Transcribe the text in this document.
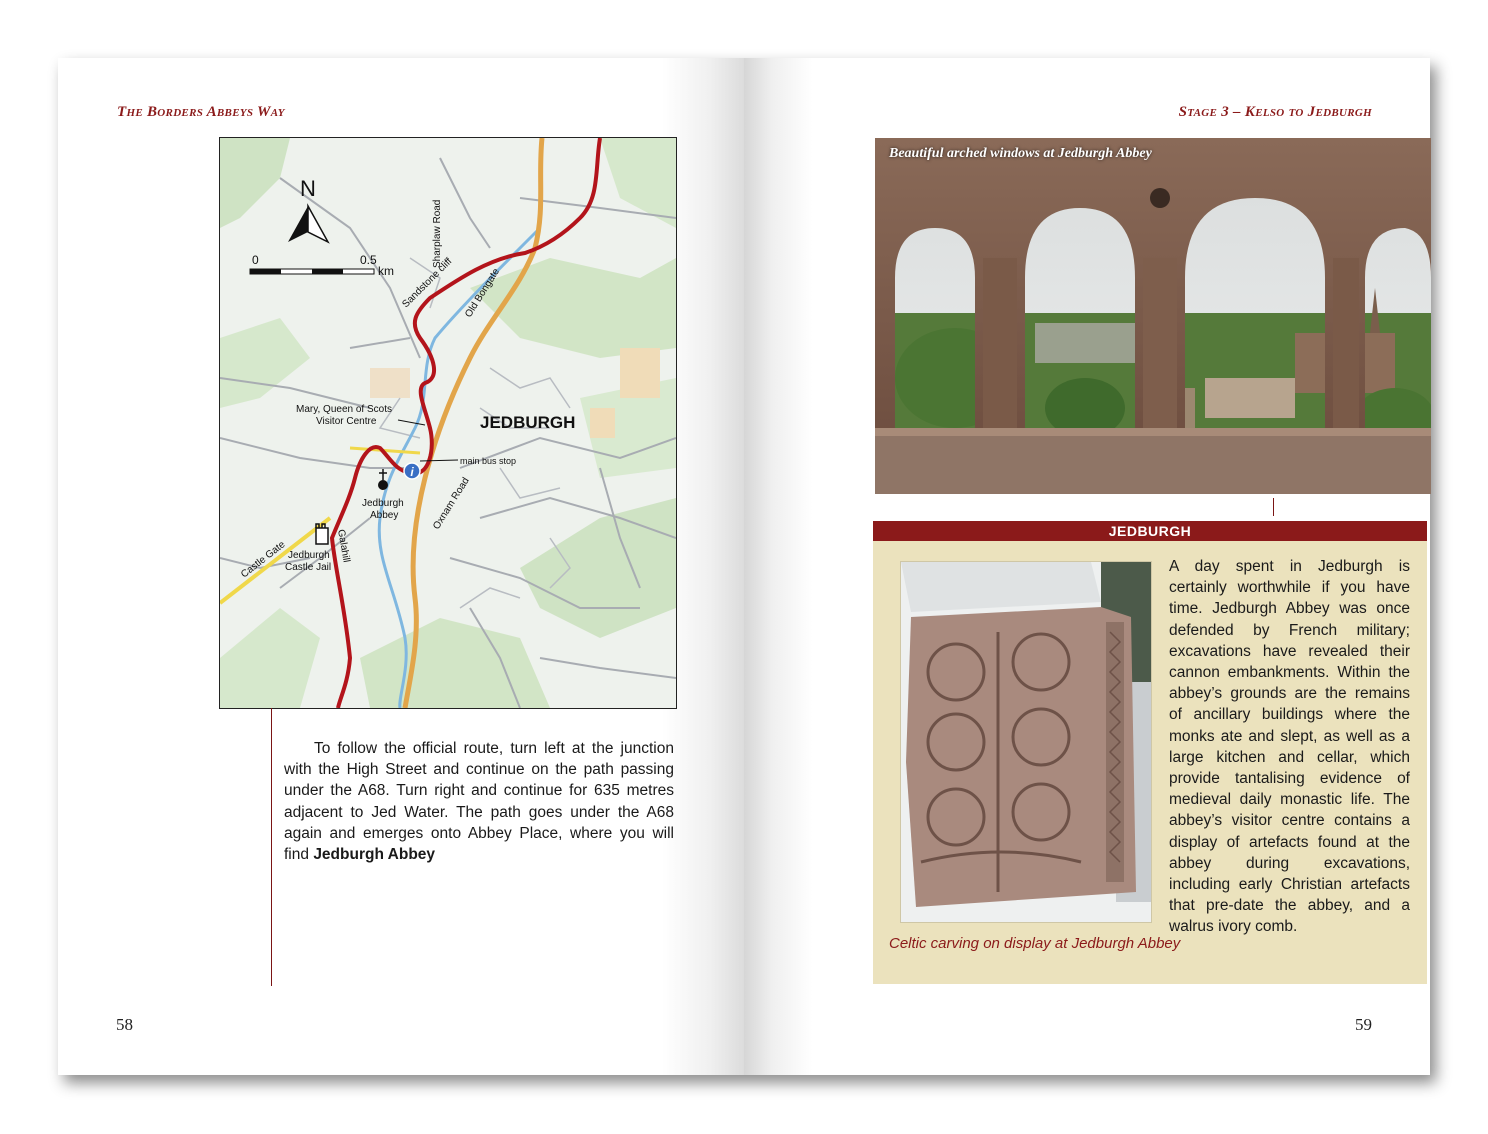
The Borders Abbeys Way
N
0	0.5
km
Sharplaw Road
Sandstone cliff Old Bongate
Mary, Queen of Scots
Visitor Centre	JEDBURGH
main bus stop
i
Jedburgh
Abbey	Oxnam Road
Castle Gate	Galahill
Jedburgh
Castle Jail

To follow the official route, turn left at the junction with the High Street and continue on the path passing under the A68. Turn right and continue for 635 metres adjacent to Jed Water. The path goes under the A68 again and emerges onto Abbey Place, where you will find Jedburgh Abbey

58
Stage 3 – Kelso to Jedburgh
Beautiful arched windows at Jedburgh Abbey
JEDBURGH
A day spent in Jedburgh is certainly worthwhile if you have time. Jedburgh Abbey was once defended by French military; excavations have revealed their cannon embankments. Within the abbey’s grounds are the remains of ancillary buildings where the monks ate and slept, as well as a large kitchen and cellar, which provide tantalising evidence of medieval daily monastic life. The abbey’s visitor centre contains a display of artefacts found at the abbey during excavations, including early Christian artefacts that pre-date the abbey, and a walrus ivory comb.
Celtic carving on display at Jedburgh Abbey
59
